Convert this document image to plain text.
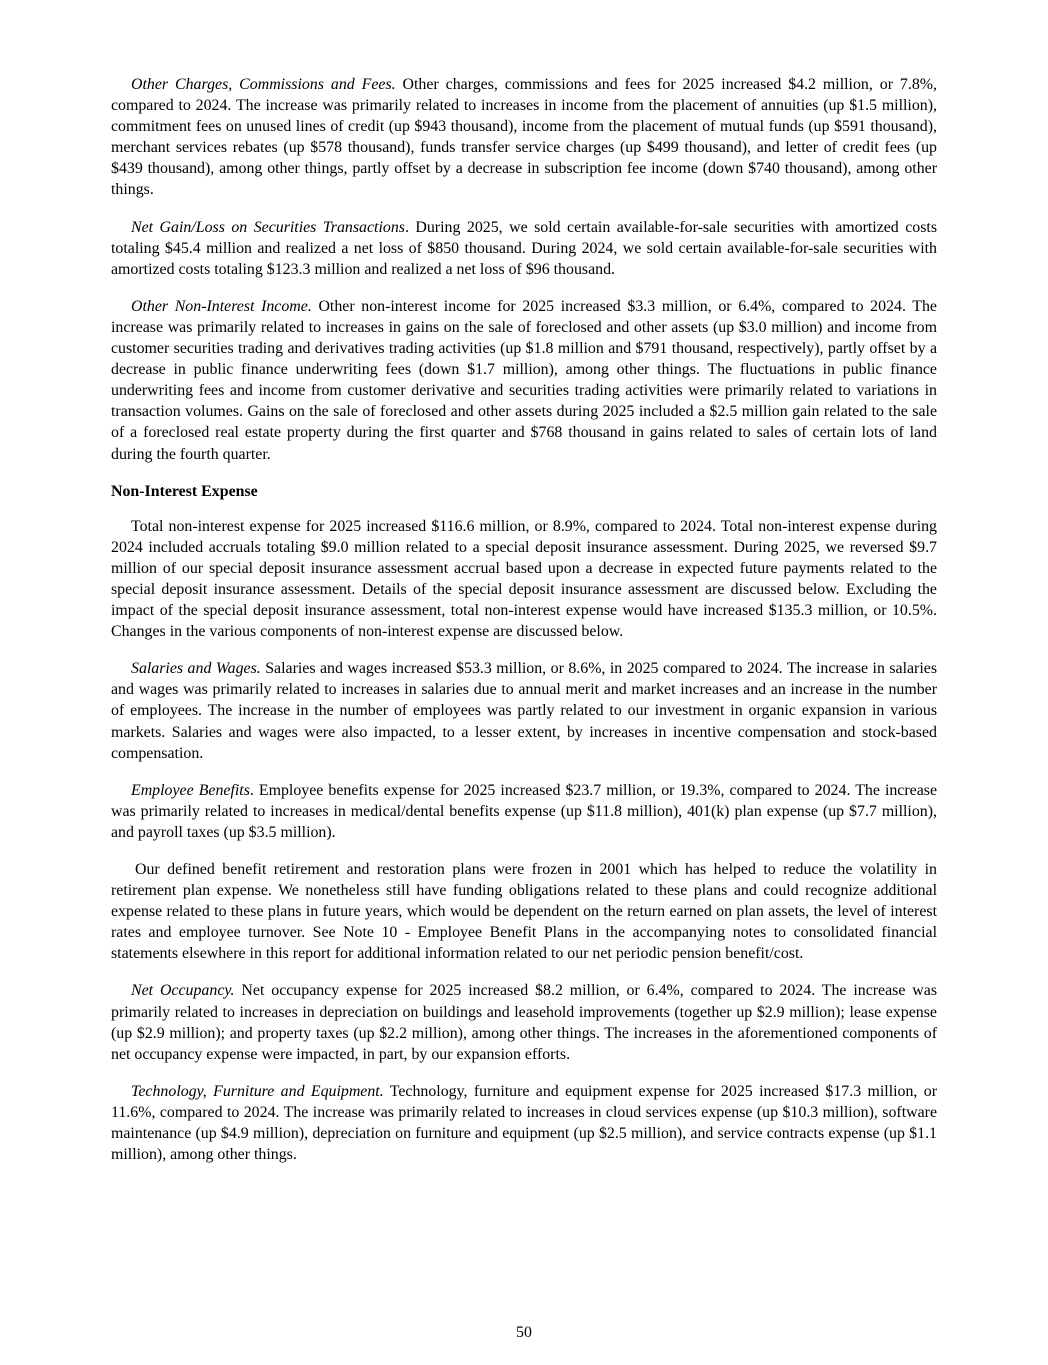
Other Charges, Commissions and Fees. Other charges, commissions and fees for 2025 increased $4.2 million, or 7.8%, compared to 2024. The increase was primarily related to increases in income from the placement of annuities (up $1.5 million), commitment fees on unused lines of credit (up $943 thousand), income from the placement of mutual funds (up $591 thousand), merchant services rebates (up $578 thousand), funds transfer service charges (up $499 thousand), and letter of credit fees (up $439 thousand), among other things, partly offset by a decrease in subscription fee income (down $740 thousand), among other things.

Net Gain/Loss on Securities Transactions. During 2025, we sold certain available-for-sale securities with amortized costs totaling $45.4 million and realized a net loss of $850 thousand. During 2024, we sold certain available-for-sale securities with amortized costs totaling $123.3 million and realized a net loss of $96 thousand.

Other Non-Interest Income. Other non-interest income for 2025 increased $3.3 million, or 6.4%, compared to 2024. The increase was primarily related to increases in gains on the sale of foreclosed and other assets (up $3.0 million) and income from customer securities trading and derivatives trading activities (up $1.8 million and $791 thousand, respectively), partly offset by a decrease in public finance underwriting fees (down $1.7 million), among other things. The fluctuations in public finance underwriting fees and income from customer derivative and securities trading activities were primarily related to variations in transaction volumes. Gains on the sale of foreclosed and other assets during 2025 included a $2.5 million gain related to the sale of a foreclosed real estate property during the first quarter and $768 thousand in gains related to sales of certain lots of land during the fourth quarter.

Non-Interest Expense

Total non-interest expense for 2025 increased $116.6 million, or 8.9%, compared to 2024. Total non-interest expense during 2024 included accruals totaling $9.0 million related to a special deposit insurance assessment. During 2025, we reversed $9.7 million of our special deposit insurance assessment accrual based upon a decrease in expected future payments related to the special deposit insurance assessment. Details of the special deposit insurance assessment are discussed below. Excluding the impact of the special deposit insurance assessment, total non-interest expense would have increased $135.3 million, or 10.5%. Changes in the various components of non-interest expense are discussed below.

Salaries and Wages. Salaries and wages increased $53.3 million, or 8.6%, in 2025 compared to 2024. The increase in salaries and wages was primarily related to increases in salaries due to annual merit and market increases and an increase in the number of employees. The increase in the number of employees was partly related to our investment in organic expansion in various markets. Salaries and wages were also impacted, to a lesser extent, by increases in incentive compensation and stock-based compensation.

Employee Benefits. Employee benefits expense for 2025 increased $23.7 million, or 19.3%, compared to 2024. The increase was primarily related to increases in medical/dental benefits expense (up $11.8 million), 401(k) plan expense (up $7.7 million), and payroll taxes (up $3.5 million).

Our defined benefit retirement and restoration plans were frozen in 2001 which has helped to reduce the volatility in retirement plan expense. We nonetheless still have funding obligations related to these plans and could recognize additional expense related to these plans in future years, which would be dependent on the return earned on plan assets, the level of interest rates and employee turnover. See Note 10 - Employee Benefit Plans in the accompanying notes to consolidated financial statements elsewhere in this report for additional information related to our net periodic pension benefit/cost.

Net Occupancy. Net occupancy expense for 2025 increased $8.2 million, or 6.4%, compared to 2024. The increase was primarily related to increases in depreciation on buildings and leasehold improvements (together up $2.9 million); lease expense (up $2.9 million); and property taxes (up $2.2 million), among other things. The increases in the aforementioned components of net occupancy expense were impacted, in part, by our expansion efforts.

Technology, Furniture and Equipment. Technology, furniture and equipment expense for 2025 increased $17.3 million, or 11.6%, compared to 2024. The increase was primarily related to increases in cloud services expense (up $10.3 million), software maintenance (up $4.9 million), depreciation on furniture and equipment (up $2.5 million), and service contracts expense (up $1.1 million), among other things.

50
